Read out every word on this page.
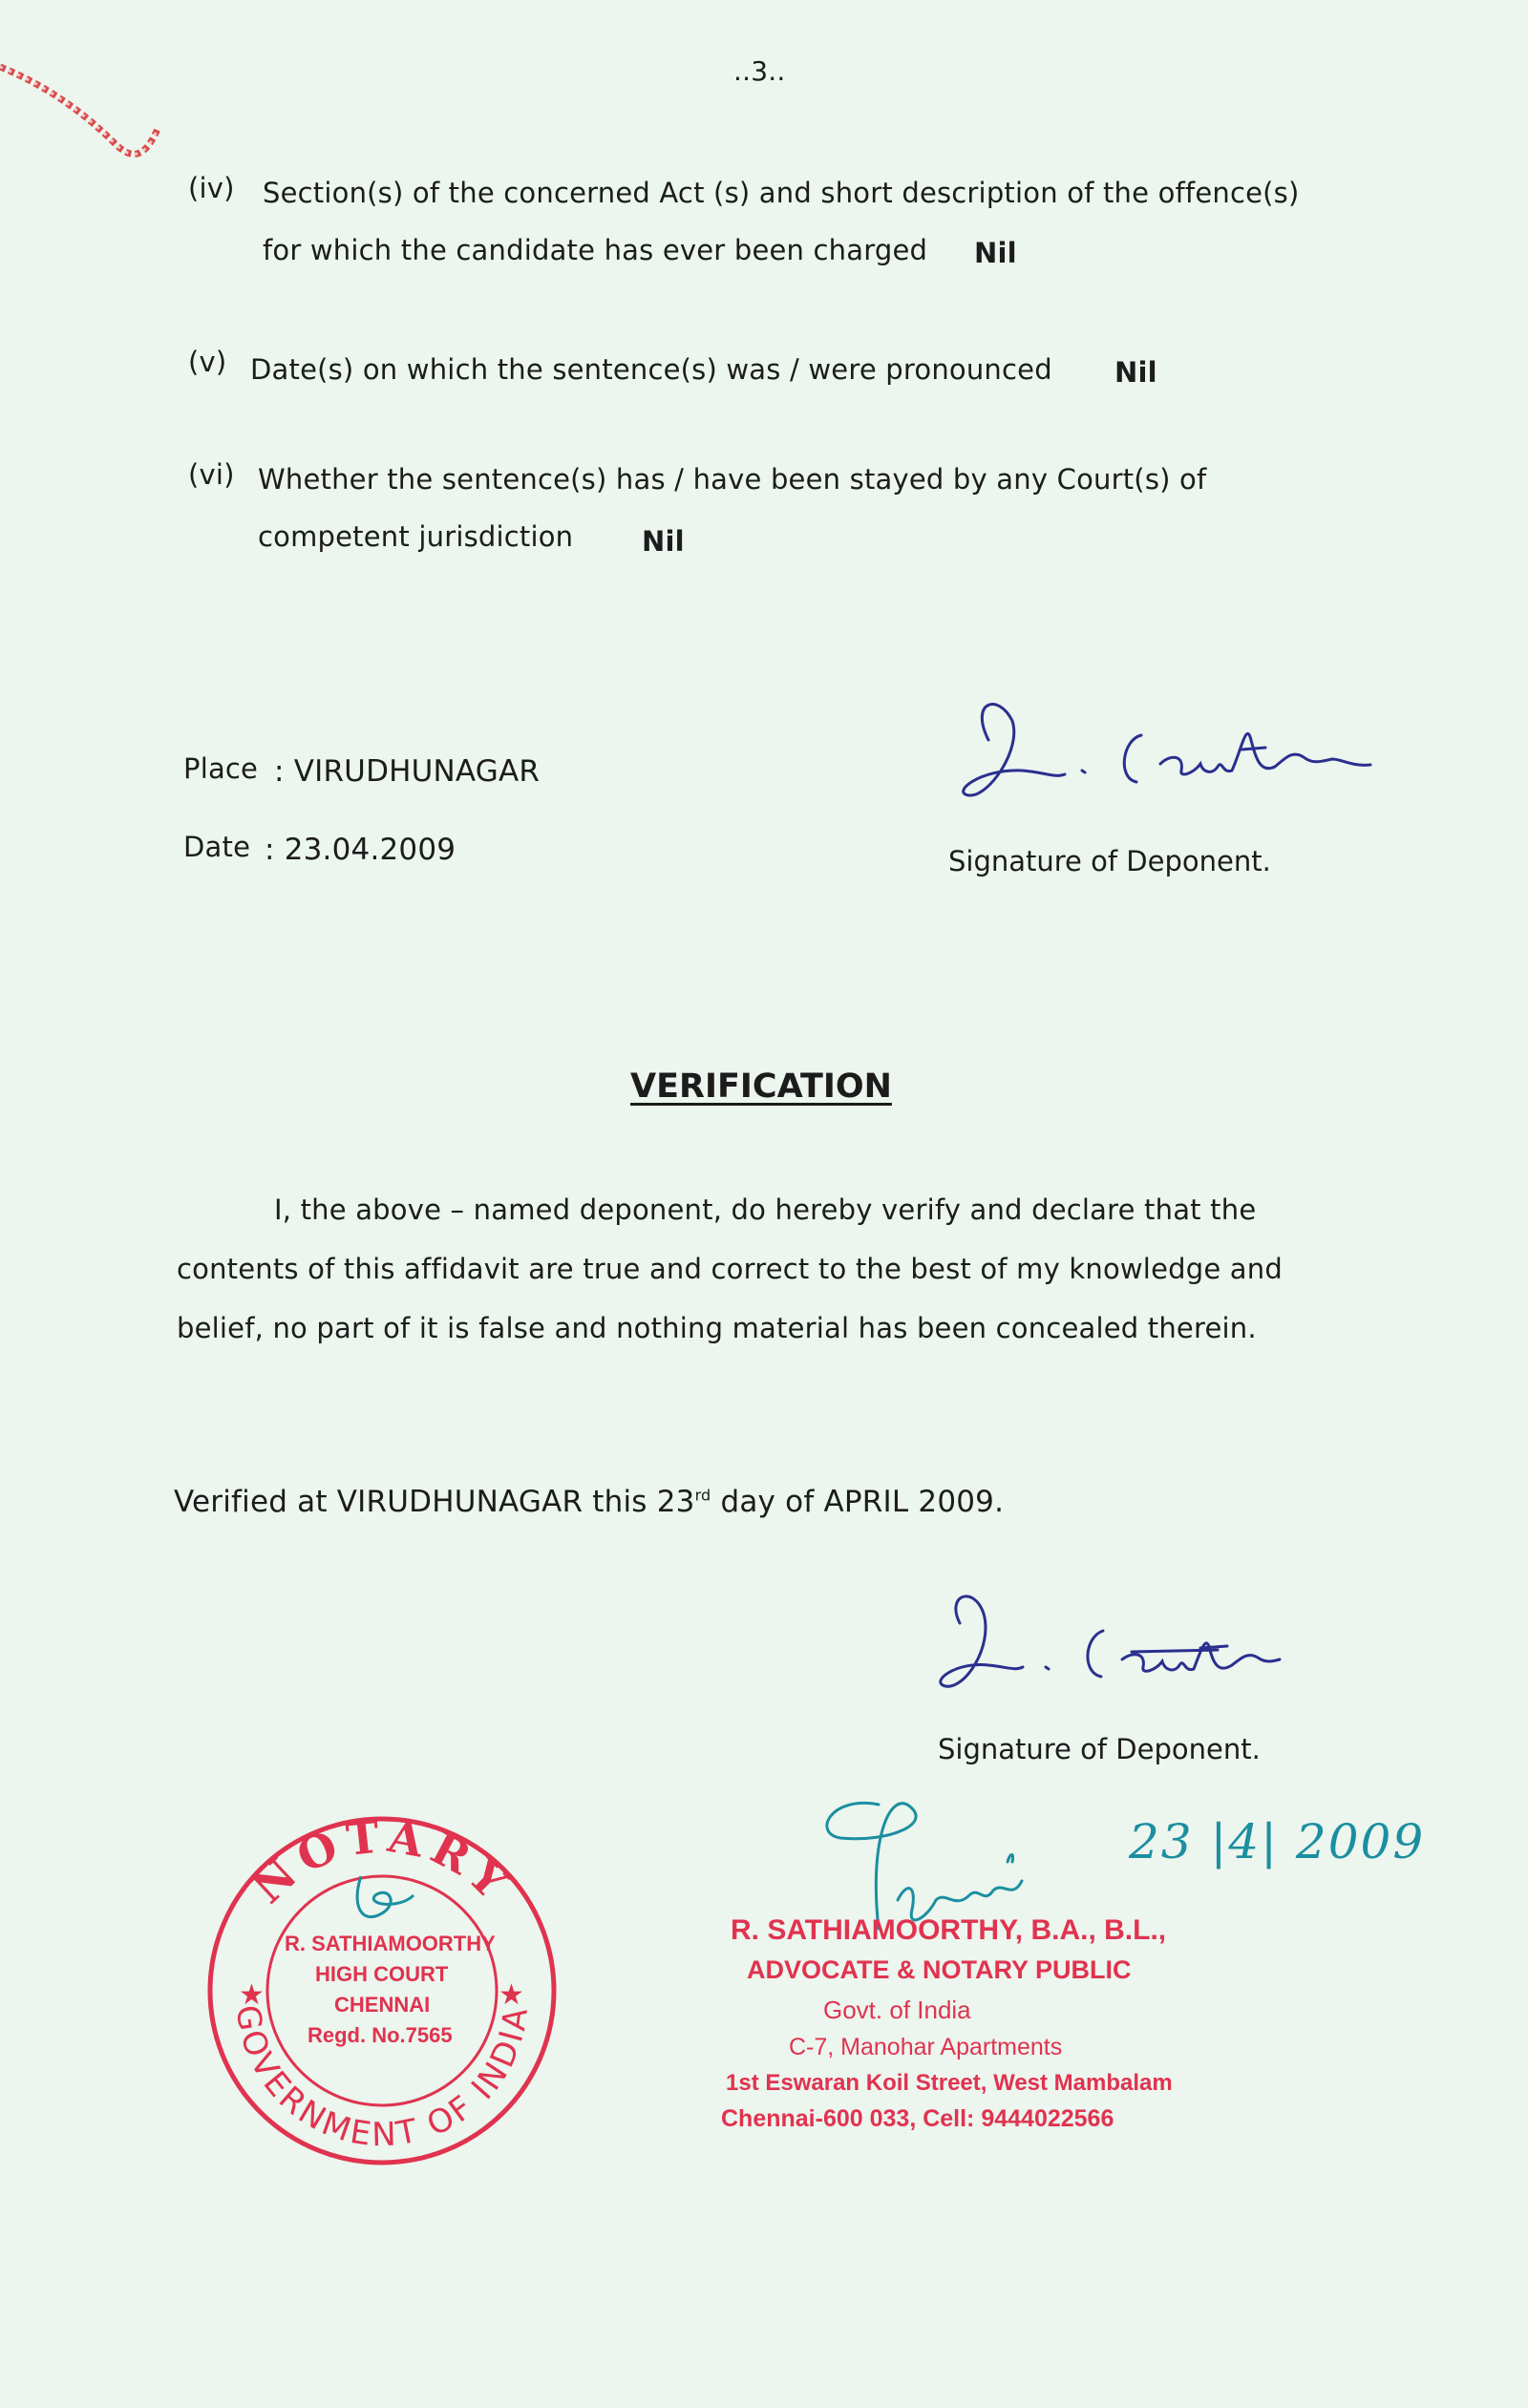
..3..
(iv) Section(s) of the concerned Act (s) and short description of the offence(s)
for which the candidate has ever been charged Nil
(v) Date(s) on which the sentence(s) was / were pronounced Nil
(vi) Whether the sentence(s) has / have been stayed by any Court(s) of
competent jurisdiction Nil
Place : VIRUDHUNAGAR
Date : 23.04.2009	Signature of Deponent.
VERIFICATION
I, the above – named deponent, do hereby verify and declare that the
contents of this affidavit are true and correct to the best of my knowledge and
belief, no part of it is false and nothing material has been concealed therein.
Verified at VIRUDHUNAGAR this 23rd day of APRIL 2009.
Signature of Deponent.
23 |4| 2009
★	★
NOTARY
GOVERNMENT OF INDIA
R. SATHIAMOORTHY
HIGH COURT
CHENNAI
Regd. No.7565
R. SATHIAMOORTHY, B.A., B.L.,
ADVOCATE & NOTARY PUBLIC
Govt. of India
C-7, Manohar Apartments
1st Eswaran Koil Street, West Mambalam
Chennai-600 033, Cell: 9444022566
